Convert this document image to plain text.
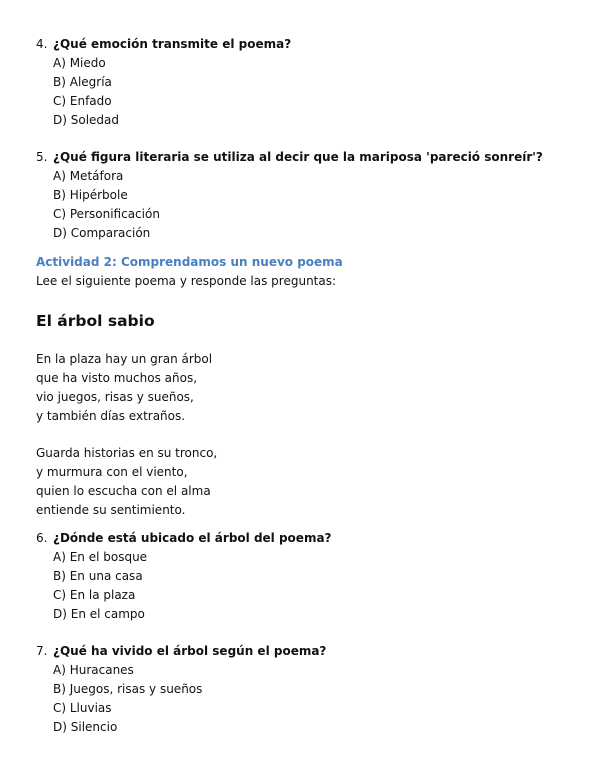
4. ¿Qué emoción transmite el poema?
A) Miedo
B) Alegría
C) Enfado
D) Soledad
5. ¿Qué figura literaria se utiliza al decir que la mariposa 'pareció sonreír'?
A) Metáfora
B) Hipérbole
C) Personificación
D) Comparación
Actividad 2: Comprendamos un nuevo poema
Lee el siguiente poema y responde las preguntas:
El árbol sabio
En la plaza hay un gran árbol
que ha visto muchos años,
vio juegos, risas y sueños,
y también días extraños.
Guarda historias en su tronco,
y murmura con el viento,
quien lo escucha con el alma
entiende su sentimiento.
6. ¿Dónde está ubicado el árbol del poema?
A) En el bosque
B) En una casa
C) En la plaza
D) En el campo
7. ¿Qué ha vivido el árbol según el poema?
A) Huracanes
B) Juegos, risas y sueños
C) Lluvias
D) Silencio
